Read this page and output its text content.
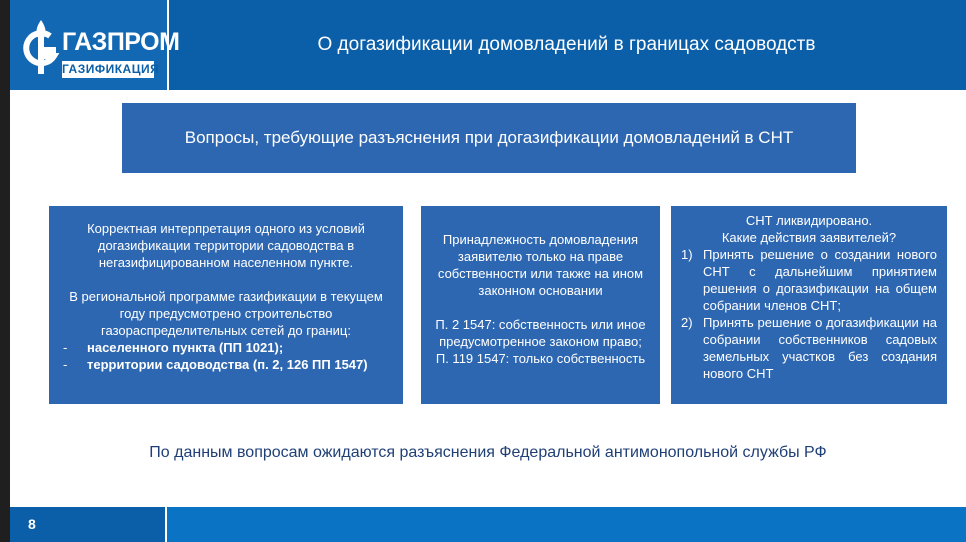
ГАЗПРОМ
ГАЗИФИКАЦИЯ
О догазификации домовладений в границах садоводств
Вопросы, требующие разъяснения при догазификации домовладений в СНТ

Корректная интерпретация одного из условий догазификации территории садоводства в негазифицированном населенном пункте.

В региональной программе газификации в текущем году предусмотрено строительство газораспределительных сетей до границ:

-	населенного пункта (ПП 1021);
-	территории садоводства (п. 2, 126 ПП 1547)

Принадлежность домовладения заявителю только на праве собственности или также на ином законном основании

П. 2 1547: собственность или иное предусмотренное законом право;

П. 119 1547: только собственность

СНТ ликвидировано.

Какие действия заявителей?

1) Принять решение о создании нового СНТ с дальнейшим принятием решения о догазификации на общем собрании членов СНТ;
2) Принять решение о догазификации на собрании собственников садовых земельных участков без создания нового СНТ
По данным вопросам ожидаются разъяснения Федеральной антимонопольной службы РФ
8
